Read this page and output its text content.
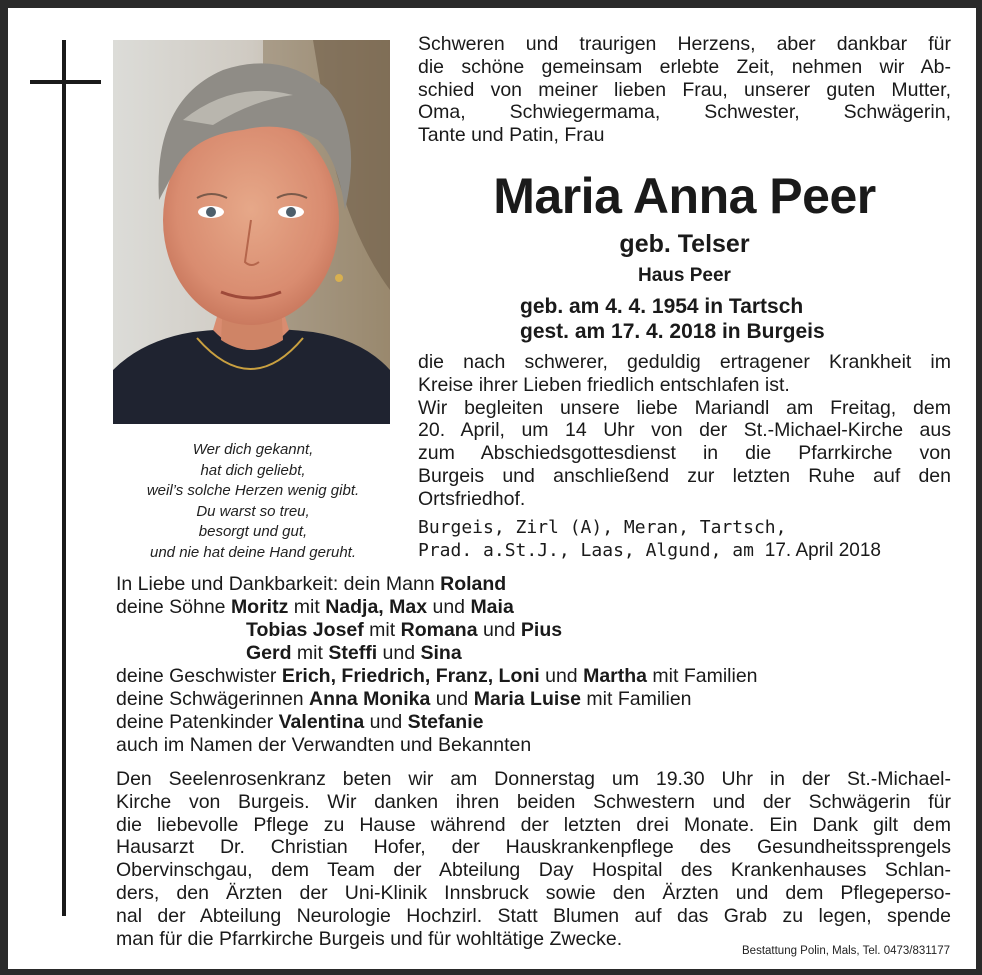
Wer dich gekannt,
hat dich geliebt,
weil’s solche Herzen wenig gibt.
Du warst so treu,
besorgt und gut,
und nie hat deine Hand geruht.
Schweren und traurigen Herzens, aber dankbar für
die schöne gemeinsam erlebte Zeit, nehmen wir Ab-
schied von meiner lieben Frau, unserer guten Mutter,
Oma, Schwiegermama, Schwester, Schwägerin,
Tante und Patin, Frau
Maria Anna Peer
geb. Telser
Haus Peer
geb. am 4. 4. 1954 in Tartsch
gest. am 17. 4. 2018 in Burgeis
die nach schwerer, geduldig ertragener Krankheit im
Kreise ihrer Lieben friedlich entschlafen ist.
Wir begleiten unsere liebe Mariandl am Freitag, dem
20. April, um 14 Uhr von der St.-Michael-Kirche aus
zum Abschiedsgottesdienst in die Pfarrkirche von
Burgeis und anschließend zur letzten Ruhe auf den
Ortsfriedhof.
Burgeis, Zirl (A), Meran, Tartsch,
Prad. a.St.J., Laas, Algund, am 17. April 2018
In Liebe und Dankbarkeit: dein Mann Roland
deine Söhne Moritz mit Nadja, Max und Maia
Tobias Josef mit Romana und Pius
Gerd mit Steffi und Sina
deine Geschwister Erich, Friedrich, Franz, Loni und Martha mit Familien
deine Schwägerinnen Anna Monika und Maria Luise mit Familien
deine Patenkinder Valentina und Stefanie
auch im Namen der Verwandten und Bekannten
Den Seelenrosenkranz beten wir am Donnerstag um 19.30 Uhr in der St.-Michael-
Kirche von Burgeis. Wir danken ihren beiden Schwestern und der Schwägerin für
die liebevolle Pflege zu Hause während der letzten drei Monate. Ein Dank gilt dem
Hausarzt Dr. Christian Hofer, der Hauskrankenpflege des Gesundheitssprengels
Obervinschgau, dem Team der Abteilung Day Hospital des Krankenhauses Schlan-
ders, den Ärzten der Uni-Klinik Innsbruck sowie den Ärzten und dem Pflegeperso-
nal der Abteilung Neurologie Hochzirl. Statt Blumen auf das Grab zu legen, spende
man für die Pfarrkirche Burgeis und für wohltätige Zwecke.
Bestattung Polin, Mals, Tel. 0473/831177
